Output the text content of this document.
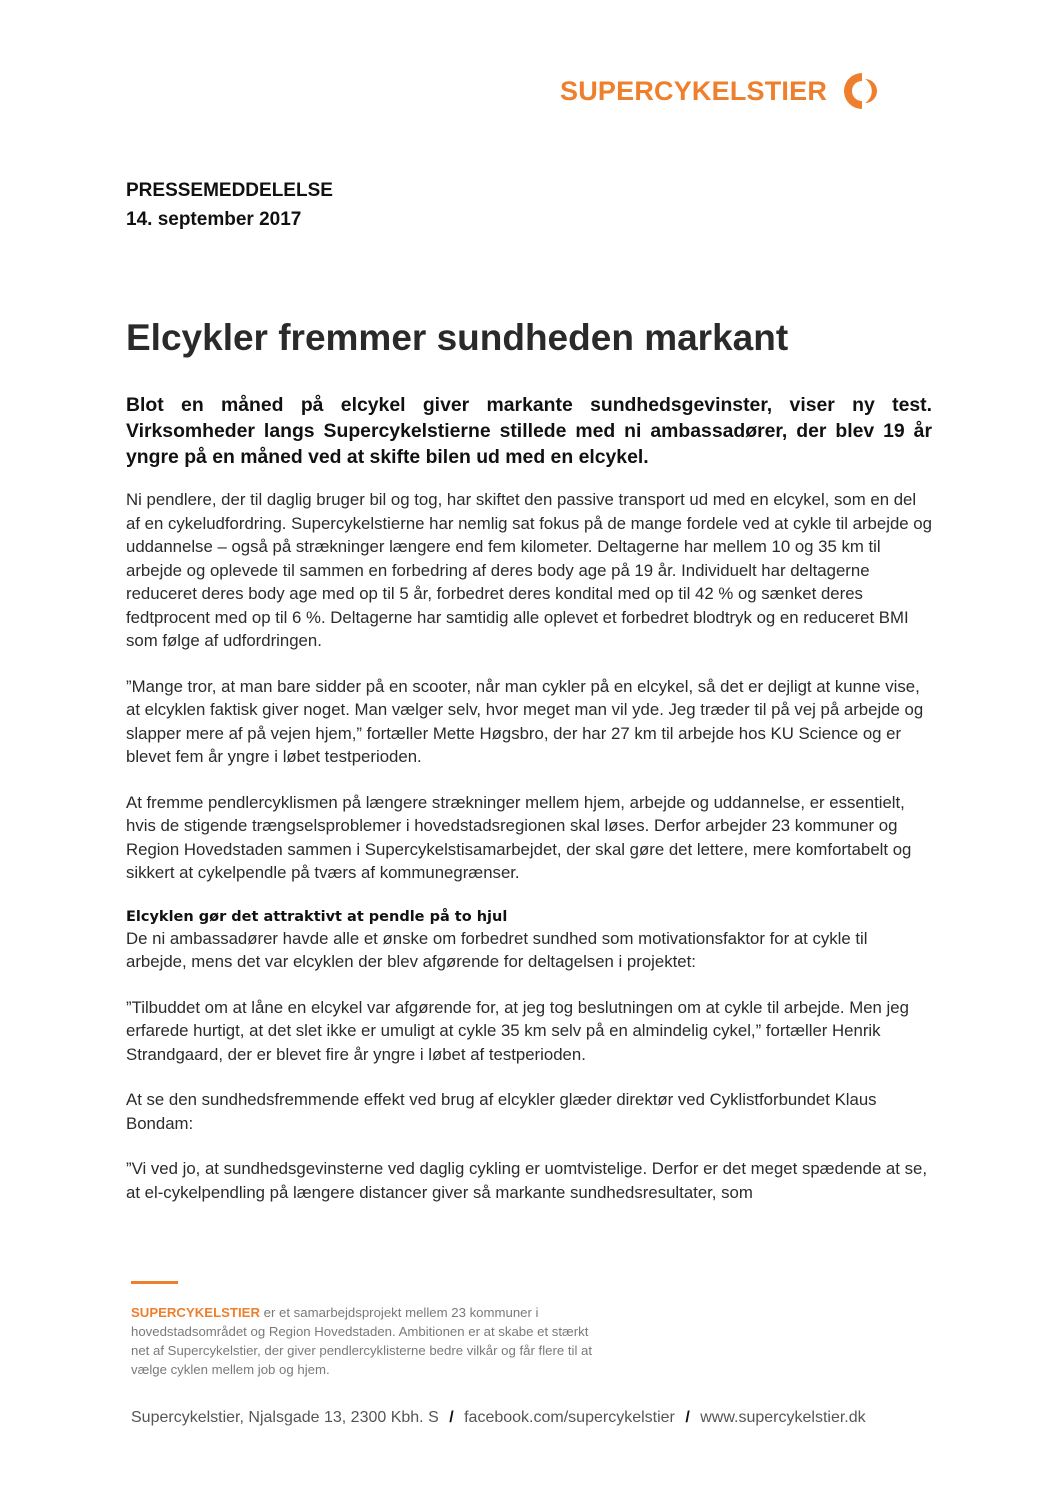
SUPERCYKELSTIER
PRESSEMEDDELELSE
14. september 2017
Elcykler fremmer sundheden markant

Blot en måned på elcykel giver markante sundhedsgevinster, viser ny test. Virksomheder langs Supercykelstierne stillede med ni ambassadører, der blev 19 år yngre på en måned ved at skifte bilen ud med en elcykel.

Ni pendlere, der til daglig bruger bil og tog, har skiftet den passive transport ud med en elcykel, som en del af en cykeludfordring. Supercykelstierne har nemlig sat fokus på de mange fordele ved at cykle til arbejde og uddannelse – også på strækninger længere end fem kilometer. Deltagerne har mellem 10 og 35 km til arbejde og oplevede til sammen en forbedring af deres body age på 19 år. Individuelt har deltagerne reduceret deres body age med op til 5 år, forbedret deres kondital med op til 42 % og sænket deres fedtprocent med op til 6 %. Deltagerne har samtidig alle oplevet et forbedret blodtryk og en reduceret BMI som følge af udfordringen.

”Mange tror, at man bare sidder på en scooter, når man cykler på en elcykel, så det er dejligt at kunne vise, at elcyklen faktisk giver noget. Man vælger selv, hvor meget man vil yde. Jeg træder til på vej på arbejde og slapper mere af på vejen hjem,” fortæller Mette Høgsbro, der har 27 km til arbejde hos KU Science og er blevet fem år yngre i løbet testperioden.

At fremme pendlercyklismen på længere strækninger mellem hjem, arbejde og uddannelse, er essentielt, hvis de stigende trængselsproblemer i hovedstadsregionen skal løses. Derfor arbejder 23 kommuner og Region Hovedstaden sammen i Supercykelstisamarbejdet, der skal gøre det lettere, mere komfortabelt og sikkert at cykelpendle på tværs af kommunegrænser.

Elcyklen gør det attraktivt at pendle på to hjul

De ni ambassadører havde alle et ønske om forbedret sundhed som motivationsfaktor for at cykle til arbejde, mens det var elcyklen der blev afgørende for deltagelsen i projektet:

”Tilbuddet om at låne en elcykel var afgørende for, at jeg tog beslutningen om at cykle til arbejde. Men jeg erfarede hurtigt, at det slet ikke er umuligt at cykle 35 km selv på en almindelig cykel,” fortæller Henrik Strandgaard, der er blevet fire år yngre i løbet af testperioden.

At se den sundhedsfremmende effekt ved brug af elcykler glæder direktør ved Cyklistforbundet Klaus Bondam:

”Vi ved jo, at sundhedsgevinsterne ved daglig cykling er uomtvistelige. Derfor er det meget spædende at se, at el-cykelpendling på længere distancer giver så markante sundhedsresultater, som

SUPERCYKELSTIER er et samarbejdsprojekt mellem 23 kommuner i hovedstadsområdet og Region Hovedstaden. Ambitionen er at skabe et stærkt net af Supercykelstier, der giver pendlercyklisterne bedre vilkår og får flere til at vælge cyklen mellem job og hjem.
Supercykelstier, Njalsgade 13, 2300 Kbh. S / facebook.com/supercykelstier / www.supercykelstier.dk
